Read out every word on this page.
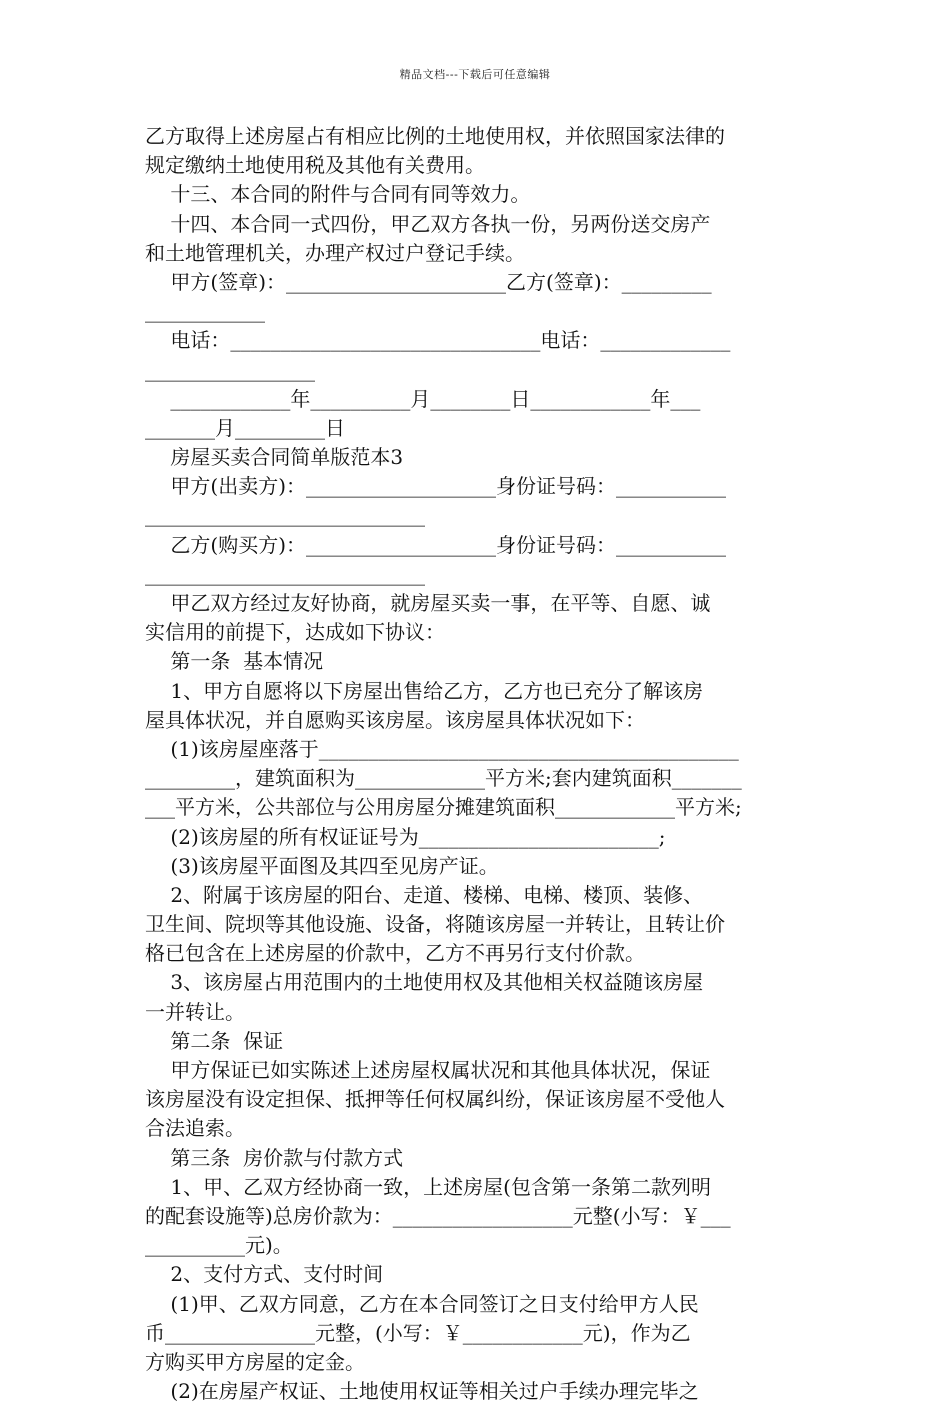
精品文档---下载后可任意编辑
乙方取得上述房屋占有相应比例的土地使用权，并依照国家法律的
规定缴纳土地使用税及其他有关费用。
十三、本合同的附件与合同有同等效力。
十四、本合同一式四份，甲乙双方各执一份，另两份送交房产
和土地管理机关，办理产权过户登记手续。
甲方(签章)：______________________乙方(签章)：_________
____________
电话：_______________________________电话：_____________
_________________
____________年__________月________日____________年___
_______月_________日
房屋买卖合同简单版范本3
甲方(出卖方)：___________________身份证号码：___________
____________________________
乙方(购买方)：___________________身份证号码：___________
____________________________
甲乙双方经过友好协商，就房屋买卖一事，在平等、自愿、诚
实信用的前提下，达成如下协议：
第一条  基本情况
1、甲方自愿将以下房屋出售给乙方，乙方也已充分了解该房
屋具体状况，并自愿购买该房屋。该房屋具体状况如下：
(1)该房屋座落于__________________________________________
_________，建筑面积为_____________平方米;套内建筑面积_______
___平方米，公共部位与公用房屋分摊建筑面积____________平方米;
(2)该房屋的所有权证证号为________________________;
(3)该房屋平面图及其四至见房产证。
2、附属于该房屋的阳台、走道、楼梯、电梯、楼顶、装修、
卫生间、院坝等其他设施、设备，将随该房屋一并转让，且转让价
格已包含在上述房屋的价款中，乙方不再另行支付价款。
3、该房屋占用范围内的土地使用权及其他相关权益随该房屋
一并转让。
第二条  保证
甲方保证已如实陈述上述房屋权属状况和其他具体状况，保证
该房屋没有设定担保、抵押等任何权属纠纷，保证该房屋不受他人
合法追索。
第三条  房价款与付款方式
1、甲、乙双方经协商一致，上述房屋(包含第一条第二款列明
的配套设施等)总房价款为：__________________元整(小写：￥___
__________元)。
2、支付方式、支付时间
(1)甲、乙双方同意，乙方在本合同签订之日支付给甲方人民
币_______________元整，(小写：￥____________元)，作为乙
方购买甲方房屋的定金。
(2)在房屋产权证、土地使用权证等相关过户手续办理完毕之
